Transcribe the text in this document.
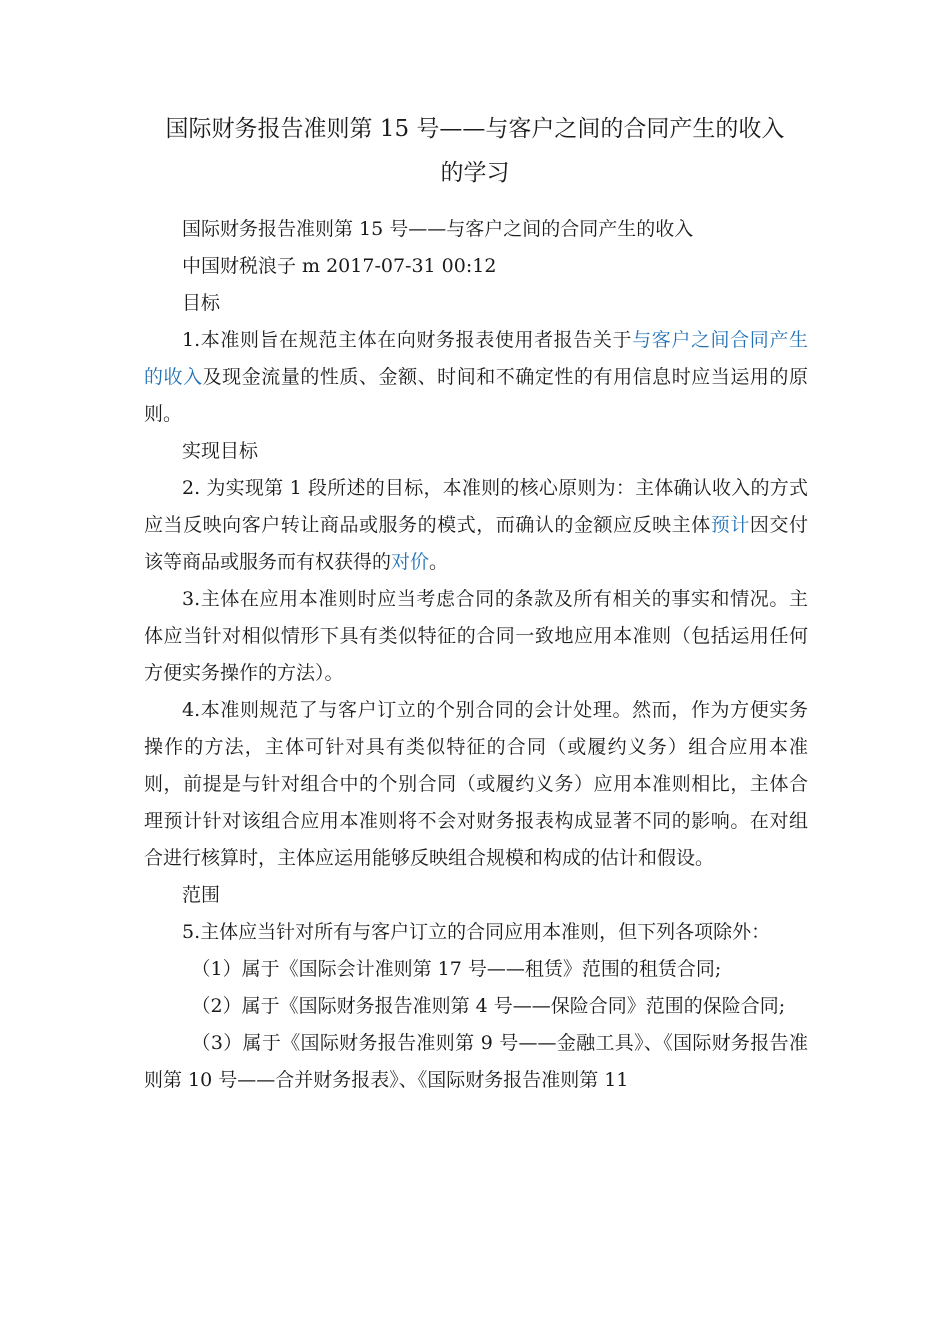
国际财务报告准则第 15 号——与客户之间的合同产生的收入
的学习

国际财务报告准则第 15 号——与客户之间的合同产生的收入

中国财税浪子 m 2017-07-31 00:12

目标

1.本准则旨在规范主体在向财务报表使用者报告关于与客户之间合同产生的收入及现金流量的性质、金额、时间和不确定性的有用信息时应当运用的原则。

实现目标

2. 为实现第 1 段所述的目标，本准则的核心原则为：主体确认收入的方式应当反映向客户转让商品或服务的模式，而确认的金额应反映主体预计因交付该等商品或服务而有权获得的对价。

3.主体在应用本准则时应当考虑合同的条款及所有相关的事实和情况。主体应当针对相似情形下具有类似特征的合同一致地应用本准则（包括运用任何方便实务操作的方法）。

4.本准则规范了与客户订立的个别合同的会计处理。然而，作为方便实务操作的方法，主体可针对具有类似特征的合同（或履约义务）组合应用本准则，前提是与针对组合中的个别合同（或履约义务）应用本准则相比，主体合理预计针对该组合应用本准则将不会对财务报表构成显著不同的影响。在对组合进行核算时，主体应运用能够反映组合规模和构成的估计和假设。

范围

5.主体应当针对所有与客户订立的合同应用本准则，但下列各项除外：

（1）属于《国际会计准则第 17 号——租赁》范围的租赁合同;

（2）属于《国际财务报告准则第 4 号——保险合同》范围的保险合同;

（3）属于《国际财务报告准则第 9 号——金融工具》、《国际财务报告准则第 10 号——合并财务报表》、《国际财务报告准则第 11
